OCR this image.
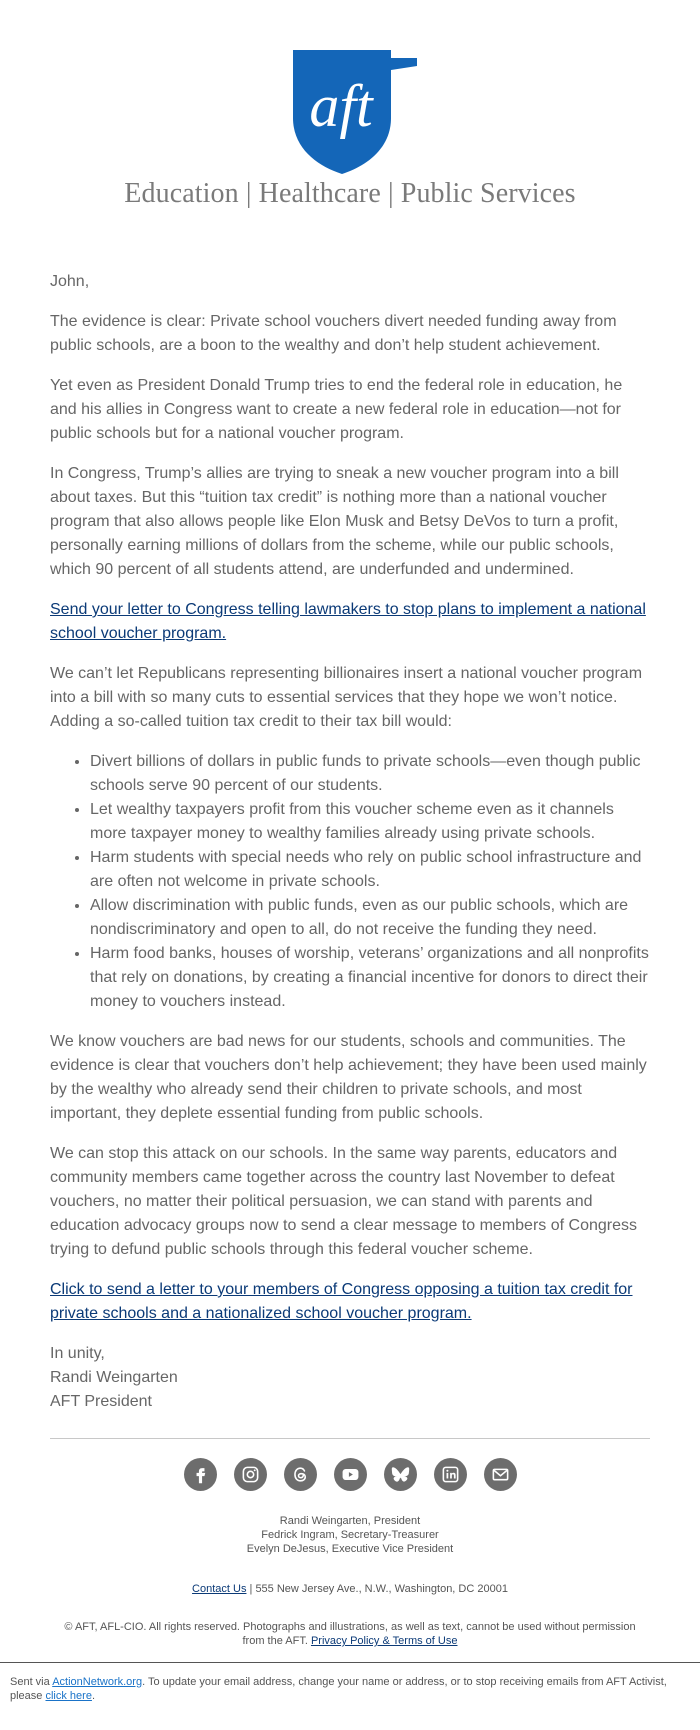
aft
Education | Healthcare | Public Services

John,

The evidence is clear: Private school vouchers divert needed funding away from public schools, are a boon to the wealthy and don’t help student achievement.

Yet even as President Donald Trump tries to end the federal role in education, he and his allies in Congress want to create a new federal role in education—not for public schools but for a national voucher program.

In Congress, Trump’s allies are trying to sneak a new voucher program into a bill about taxes. But this “tuition tax credit” is nothing more than a national voucher program that also allows people like Elon Musk and Betsy DeVos to turn a profit, personally earning millions of dollars from the scheme, while our public schools, which 90 percent of all students attend, are underfunded and undermined.

Send your letter to Congress telling lawmakers to stop plans to implement a national school voucher program.

We can’t let Republicans representing billionaires insert a national voucher program into a bill with so many cuts to essential services that they hope we won’t notice. Adding a so-called tuition tax credit to their tax bill would:

• Divert billions of dollars in public funds to private schools—even though public schools serve 90 percent of our students.
• Let wealthy taxpayers profit from this voucher scheme even as it channels more taxpayer money to wealthy families already using private schools.
• Harm students with special needs who rely on public school infrastructure and are often not welcome in private schools.
• Allow discrimination with public funds, even as our public schools, which are nondiscriminatory and open to all, do not receive the funding they need.
• Harm food banks, houses of worship, veterans’ organizations and all nonprofits that rely on donations, by creating a financial incentive for donors to direct their money to vouchers instead.

We know vouchers are bad news for our students, schools and communities. The evidence is clear that vouchers don’t help achievement; they have been used mainly by the wealthy who already send their children to private schools, and most important, they deplete essential funding from public schools.

We can stop this attack on our schools. In the same way parents, educators and community members came together across the country last November to defeat vouchers, no matter their political persuasion, we can stand with parents and education advocacy groups now to send a clear message to members of Congress trying to defund public schools through this federal voucher scheme.

Click to send a letter to your members of Congress opposing a tuition tax credit for private schools and a nationalized school voucher program.

In unity,
Randi Weingarten
AFT President
Randi Weingarten, President
Fedrick Ingram, Secretary-Treasurer
Evelyn DeJesus, Executive Vice President
Contact Us | 555 New Jersey Ave., N.W., Washington, DC 20001
© AFT, AFL-CIO. All rights reserved. Photographs and illustrations, as well as text, cannot be used without permission from the AFT. Privacy Policy & Terms of Use
Sent via ActionNetwork.org. To update your email address, change your name or address, or to stop receiving emails from AFT Activist, please click here.
